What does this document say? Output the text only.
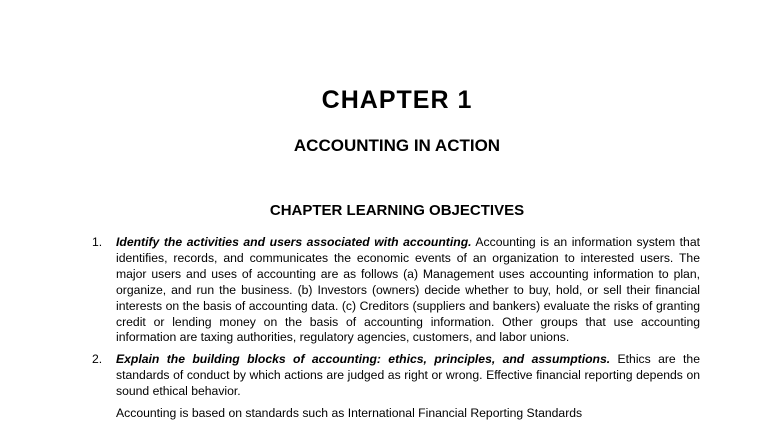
CHAPTER 1
ACCOUNTING IN ACTION
CHAPTER LEARNING OBJECTIVES
1. Identify the activities and users associated with accounting. Accounting is an information system that identifies, records, and communicates the economic events of an organization to interested users. The major users and uses of accounting are as follows (a) Management uses accounting information to plan, organize, and run the business. (b) Investors (owners) decide whether to buy, hold, or sell their financial interests on the basis of accounting data. (c) Creditors (suppliers and bankers) evaluate the risks of granting credit or lending money on the basis of accounting information. Other groups that use accounting information are taxing authorities, regulatory agencies, customers, and labor unions.
2. Explain the building blocks of accounting: ethics, principles, and assumptions. Ethics are the standards of conduct by which actions are judged as right or wrong. Effective financial reporting depends on sound ethical behavior.
Accounting is based on standards such as International Financial Reporting Standards
